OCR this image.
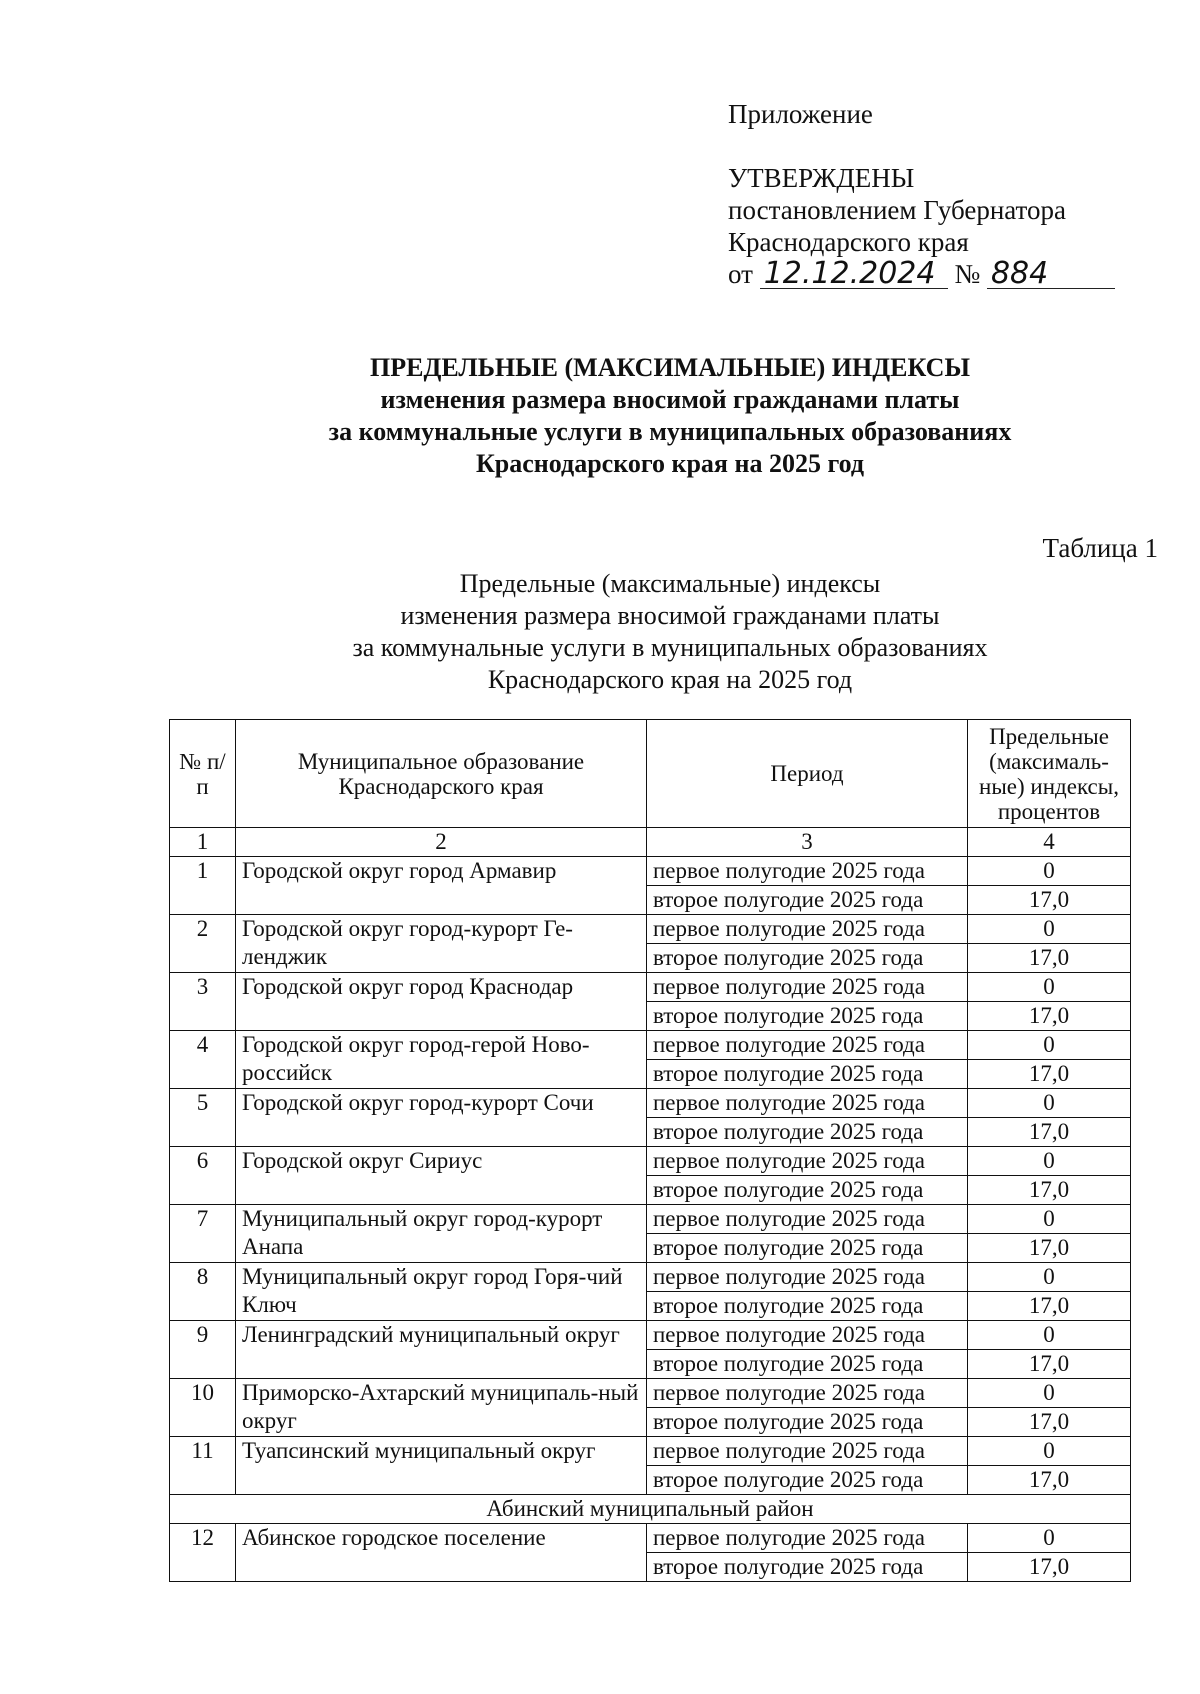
Приложение
УТВЕРЖДЕНЫ
постановлением Губернатора
Краснодарского края
от 12.12.2024 № 884
ПРЕДЕЛЬНЫЕ (МАКСИМАЛЬНЫЕ) ИНДЕКСЫ
изменения размера вносимой гражданами платы
за коммунальные услуги в муниципальных образованиях
Краснодарского края на 2025 год
Таблица 1
Предельные (максимальные) индексы
изменения размера вносимой гражданами платы
за коммунальные услуги в муниципальных образованиях
Краснодарского края на 2025 год
№ п/п	Муниципальное образование Краснодарского края	Период	Предельные (максималь-ные) индексы, процентов
1	2	3	4
1	Городской округ город Армавир	первое полугодие 2025 года	0
		второе полугодие 2025 года	17,0
2	Городской округ город-курорт Ге-ленджик	первое полугодие 2025 года	0
		второе полугодие 2025 года	17,0
3	Городской округ город Краснодар	первое полугодие 2025 года	0
		второе полугодие 2025 года	17,0
4	Городской округ город-герой Ново-российск	первое полугодие 2025 года	0
		второе полугодие 2025 года	17,0
5	Городской округ город-курорт Сочи	первое полугодие 2025 года	0
		второе полугодие 2025 года	17,0
6	Городской округ Сириус	первое полугодие 2025 года	0
		второе полугодие 2025 года	17,0
7	Муниципальный округ город-курорт Анапа	первое полугодие 2025 года	0
		второе полугодие 2025 года	17,0
8	Муниципальный округ город Горя-чий Ключ	первое полугодие 2025 года	0
		второе полугодие 2025 года	17,0
9	Ленинградский муниципальный округ	первое полугодие 2025 года	0
		второе полугодие 2025 года	17,0
10	Приморско-Ахтарский муниципаль-ный округ	первое полугодие 2025 года	0
		второе полугодие 2025 года	17,0
11	Туапсинский муниципальный округ	первое полугодие 2025 года	0
		второе полугодие 2025 года	17,0
Абинский муниципальный район			
12	Абинское городское поселение	первое полугодие 2025 года	0
		второе полугодие 2025 года	17,0
